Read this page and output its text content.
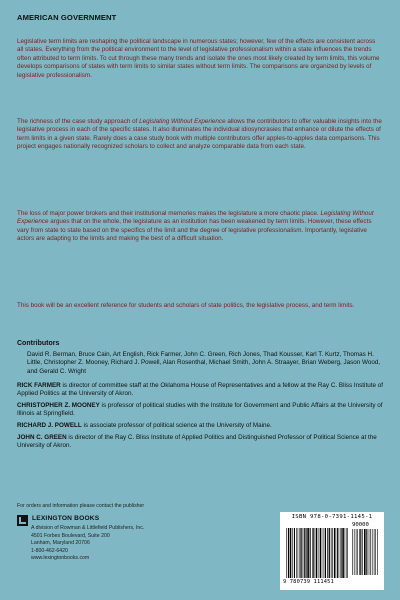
AMERICAN GOVERNMENT

Legislative term limits are reshaping the political landscape in numerous states; however, few of the effects are consistent across all states. Everything from the political environment to the level of legislative professionalism within a state influences the trends often attributed to term limits. To cut through these many trends and isolate the ones most likely created by term limits, this volume develops comparisons of states with term limits to similar states without term limits. The comparisons are organized by levels of legislative professionalism.

The richness of the case study approach of Legislating Without Experience allows the contributors to offer valuable insights into the legislative process in each of the specific states. It also illuminates the individual idiosyncrasies that enhance or dilute the effects of term limits in a given state. Rarely does a case study book with multiple contributors offer apples-to-apples data comparisons. This project engages nationally recognized scholars to collect and analyze comparable data from each state.

The loss of major power brokers and their institutional memories makes the legislature a more chaotic place. Legislating Without Experience argues that on the whole, the legislature as an institution has been weakened by term limits. However, these effects vary from state to state based on the specifics of the limit and the degree of legislative professionalism. Importantly, legislative actors are adapting to the limits and making the best of a difficult situation.

This book will be an excellent reference for students and scholars of state politics, the legislative process, and term limits.

Contributors

David R. Berman, Bruce Cain, Art English, Rick Farmer, John C. Green, Rich Jones, Thad Kousser, Karl T. Kurtz, Thomas H. Little, Christopher Z. Mooney, Richard J. Powell, Alan Rosenthal, Michael Smith, John A. Straayer, Brian Weberg, Jason Wood, and Gerald C. Wright

RICK FARMER is director of committee staff at the Oklahoma House of Representatives and a fellow at the Ray C. Bliss Institute of Applied Politics at the University of Akron.

CHRISTOPHER Z. MOONEY is professor of political studies with the Institute for Government and Public Affairs at the University of Illinois at Springfield.

RICHARD J. POWELL is associate professor of political science at the University of Maine.

JOHN C. GREEN is director of the Ray C. Bliss Institute of Applied Politics and Distinguished Professor of Political Science at the University of Akron.

For orders and information please contact the publisher
LEXINGTON BOOKS
A division of Rowman & Littlefield Publishers, Inc.
4501 Forbes Boulevard, Suite 200
Lanham, Maryland 20706
1-800-462-6420
www.lexingtonbooks.com
ISBN 978-0-7391-1145-1
90000
9 780739 111451
